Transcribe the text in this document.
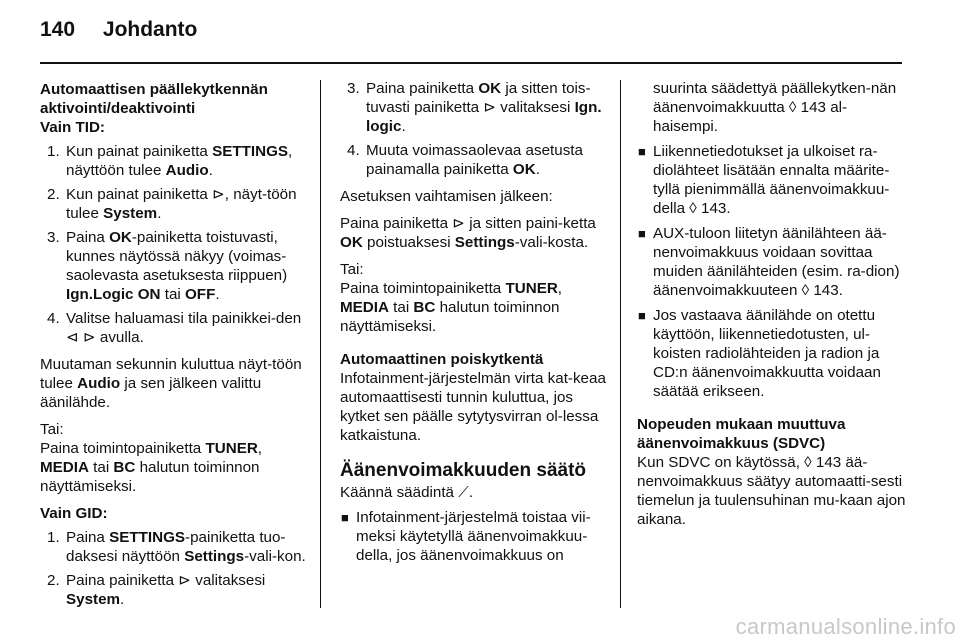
140 Johdanto

Automaattisen päällekytkennän aktivointi/deaktivointi

Vain TID:

1. Kun painat painiketta SETTINGS, näyttöön tulee Audio.
2. Kun painat painiketta ⊳, näyt-töön tulee System.
3. Paina OK-painiketta toistuvasti, kunnes näytössä näkyy (voimas-saolevasta asetuksesta riippuen) Ign.Logic ON tai OFF.
4. Valitse haluamasi tila painikkei-den ⊲ ⊳ avulla.

Muutaman sekunnin kuluttua näyt-töön tulee Audio ja sen jälkeen valittu äänilähde.

Tai:

Paina toimintopainiketta TUNER, MEDIA tai BC halutun toiminnon näyttämiseksi.

Vain GID:

1. Paina SETTINGS-painiketta tuo-daksesi näyttöön Settings-vali-kon.
2. Paina painiketta ⊳ valitaksesi System.
3. Paina painiketta OK ja sitten tois-tuvasti painiketta ⊳ valitaksesi Ign. logic.
4. Muuta voimassaolevaa asetusta painamalla painiketta OK.

Asetuksen vaihtamisen jälkeen:

Paina painiketta ⊳ ja sitten paini-ketta OK poistuaksesi Settings-vali-kosta.

Tai:

Paina toimintopainiketta TUNER, MEDIA tai BC halutun toiminnon näyttämiseksi.

Automaattinen poiskytkentä

Infotainment-järjestelmän virta kat-keaa automaattisesti tunnin kuluttua, jos kytket sen päälle sytytysvirran ol-lessa katkaistuna.

Äänenvoimakkuuden säätö

Käännä säädintä ⟋.

■ Infotainment-järjestelmä toistaa vii-meksi käytetyllä äänenvoimakkuu-della, jos äänenvoimakkuus on

suurinta säädettyä päällekytken-nän äänenvoimakkuutta ◊ 143 al-haisempi.

■ Liikennetiedotukset ja ulkoiset ra-diolähteet lisätään ennalta määrite-tyllä pienimmällä äänenvoimakkuu-della ◊ 143.
■ AUX-tuloon liitetyn äänilähteen ää-nenvoimakkuus voidaan sovittaa muiden äänilähteiden (esim. ra-dion) äänenvoimakkuuteen ◊ 143.
■ Jos vastaava äänilähde on otettu käyttöön, liikennetiedotusten, ul-koisten radiolähteiden ja radion ja CD:n äänenvoimakkuutta voidaan säätää erikseen.

Nopeuden mukaan muuttuva äänenvoimakkuus (SDVC)

Kun SDVC on käytössä, ◊ 143 ää-nenvoimakkuus säätyy automaatti-sesti tiemelun ja tuulensuhinan mu-kaan ajon aikana.

carmanualsonline.info
